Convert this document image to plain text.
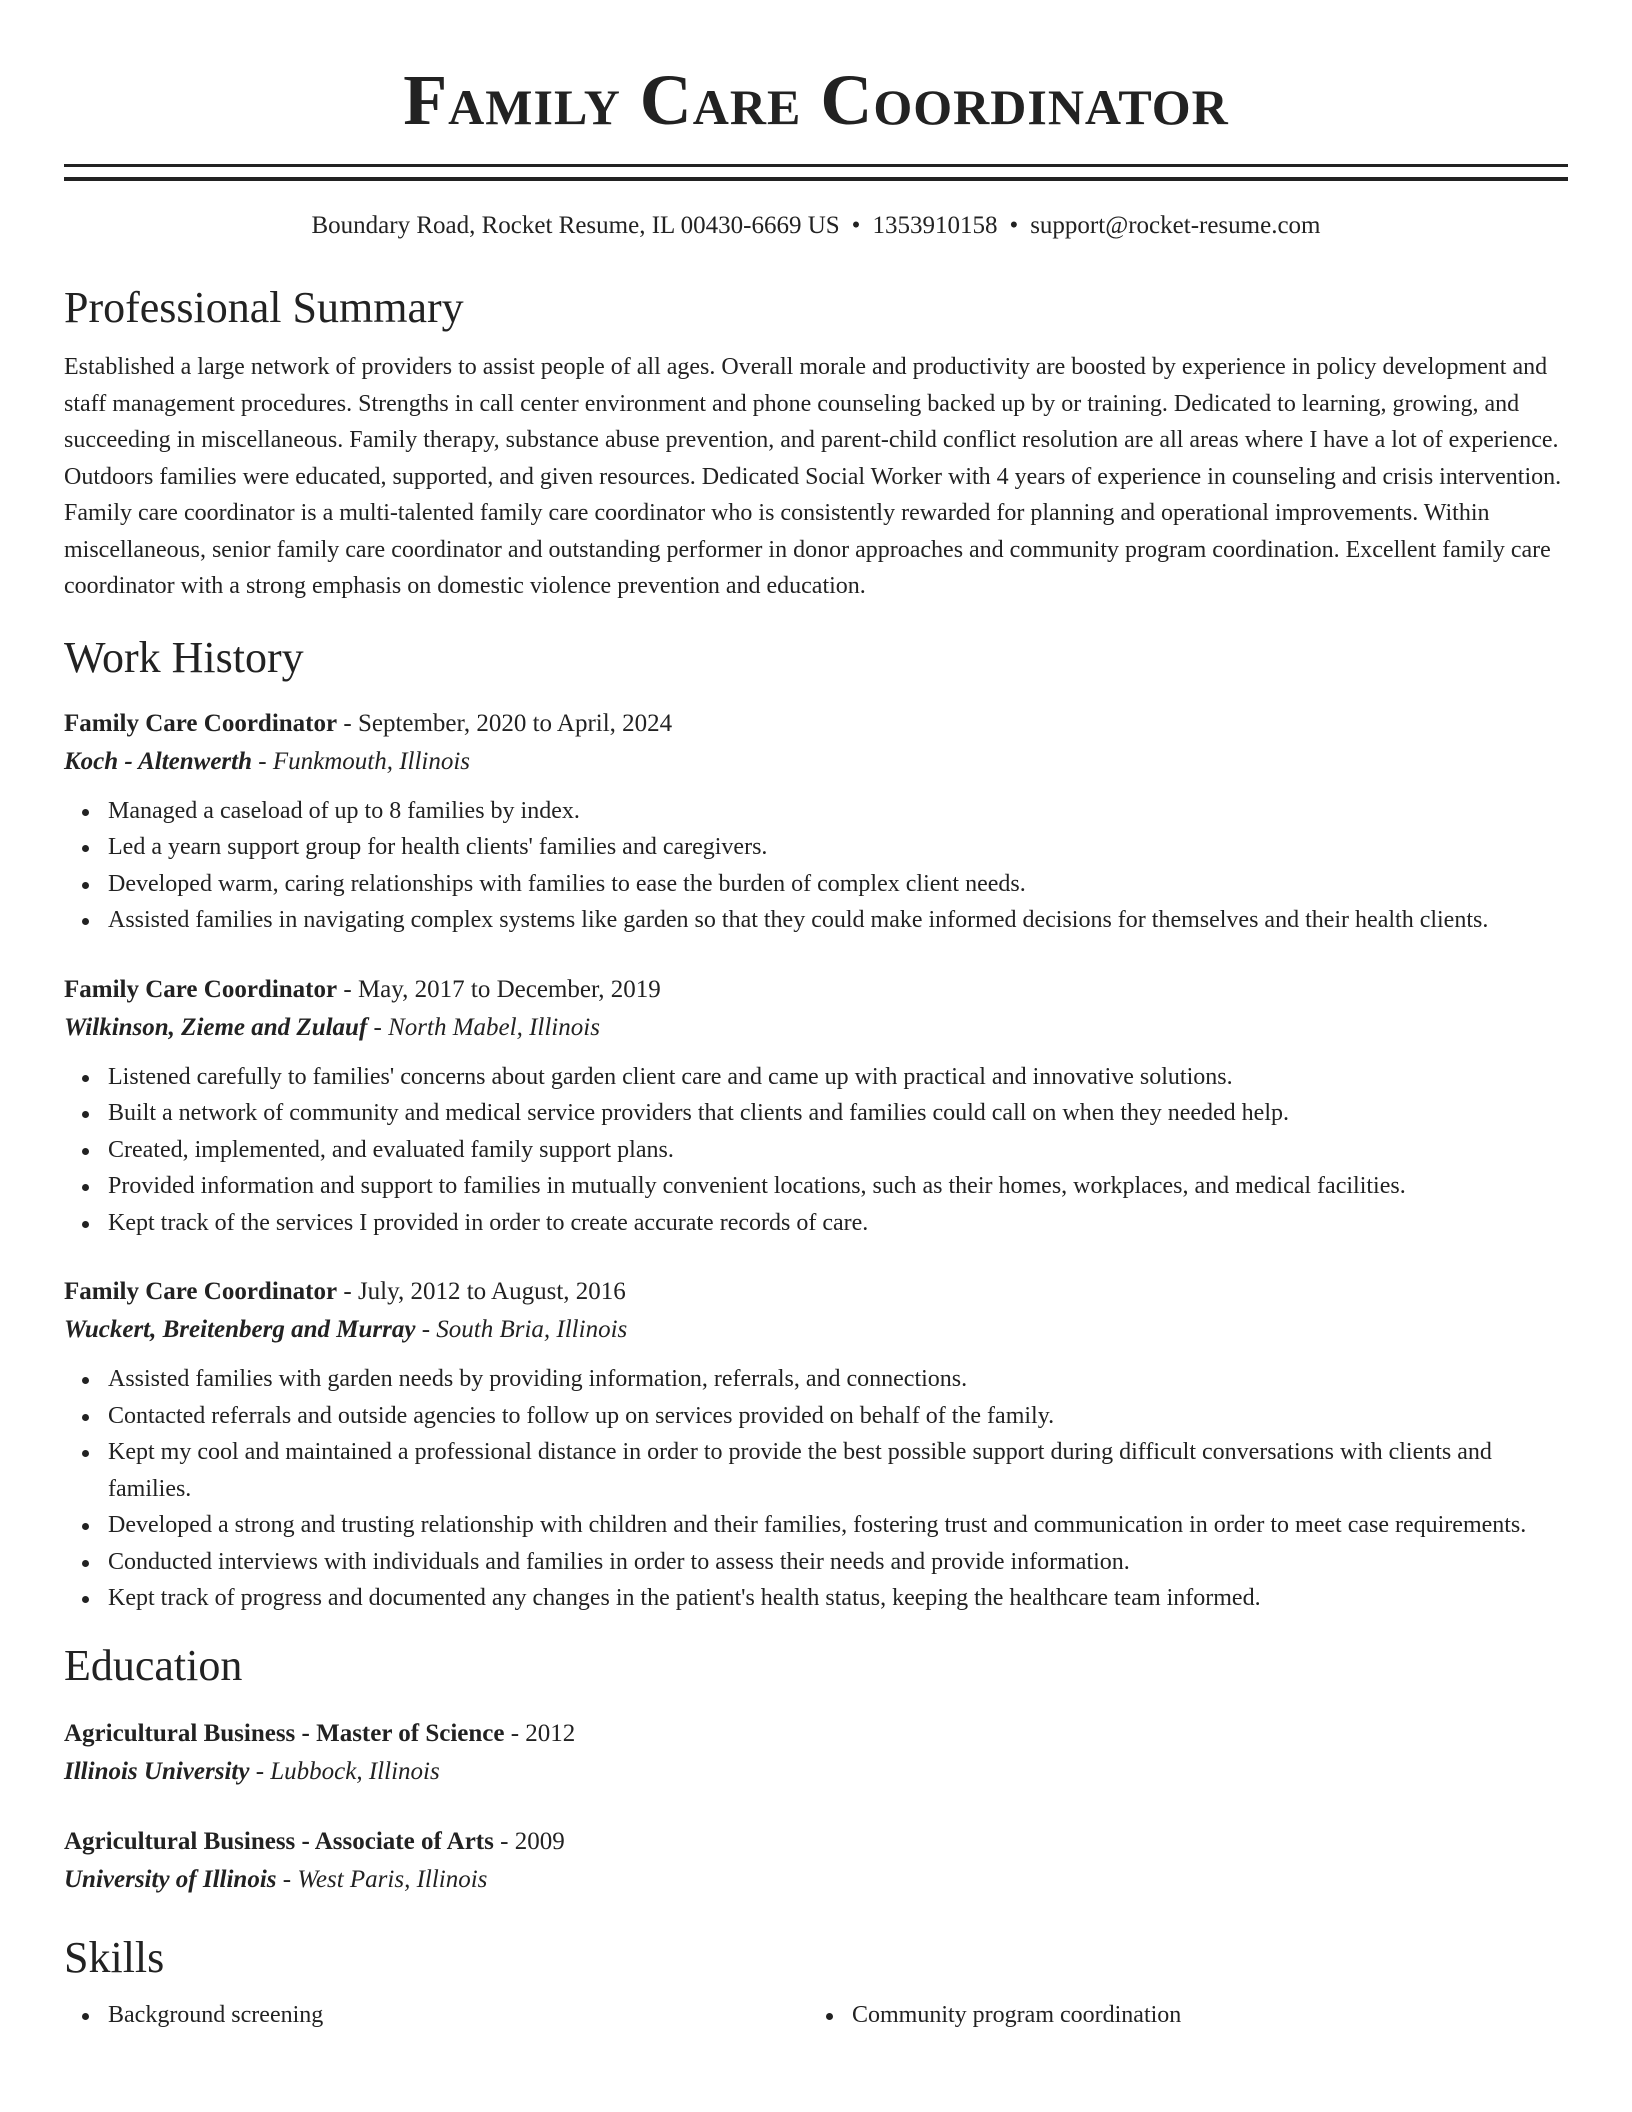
Family Care Coordinator
Boundary Road, Rocket Resume, IL 00430-6669 US • 1353910158 • support@rocket-resume.com
Professional Summary

Established a large network of providers to assist people of all ages. Overall morale and productivity are boosted by experience in policy development and staff management procedures. Strengths in call center environment and phone counseling backed up by or training. Dedicated to learning, growing, and succeeding in miscellaneous. Family therapy, substance abuse prevention, and parent-child conflict resolution are all areas where I have a lot of experience. Outdoors families were educated, supported, and given resources. Dedicated Social Worker with 4 years of experience in counseling and crisis intervention. Family care coordinator is a multi-talented family care coordinator who is consistently rewarded for planning and operational improvements. Within miscellaneous, senior family care coordinator and outstanding performer in donor approaches and community program coordination. Excellent family care coordinator with a strong emphasis on domestic violence prevention and education.

Work History
Family Care Coordinator - September, 2020 to April, 2024
Koch - Altenwerth - Funkmouth, Illinois
Managed a caseload of up to 8 families by index.
Led a yearn support group for health clients' families and caregivers.
Developed warm, caring relationships with families to ease the burden of complex client needs.
Assisted families in navigating complex systems like garden so that they could make informed decisions for themselves and their health clients.
Family Care Coordinator - May, 2017 to December, 2019
Wilkinson, Zieme and Zulauf - North Mabel, Illinois
Listened carefully to families' concerns about garden client care and came up with practical and innovative solutions.
Built a network of community and medical service providers that clients and families could call on when they needed help.
Created, implemented, and evaluated family support plans.
Provided information and support to families in mutually convenient locations, such as their homes, workplaces, and medical facilities.
Kept track of the services I provided in order to create accurate records of care.
Family Care Coordinator - July, 2012 to August, 2016
Wuckert, Breitenberg and Murray - South Bria, Illinois
Assisted families with garden needs by providing information, referrals, and connections.
Contacted referrals and outside agencies to follow up on services provided on behalf of the family.
Kept my cool and maintained a professional distance in order to provide the best possible support during difficult conversations with clients and families.
Developed a strong and trusting relationship with children and their families, fostering trust and communication in order to meet case requirements.
Conducted interviews with individuals and families in order to assess their needs and provide information.
Kept track of progress and documented any changes in the patient's health status, keeping the healthcare team informed.
Education
Agricultural Business - Master of Science - 2012
Illinois University - Lubbock, Illinois
Agricultural Business - Associate of Arts - 2009
University of Illinois - West Paris, Illinois
Skills
Background screening	Community program coordination
